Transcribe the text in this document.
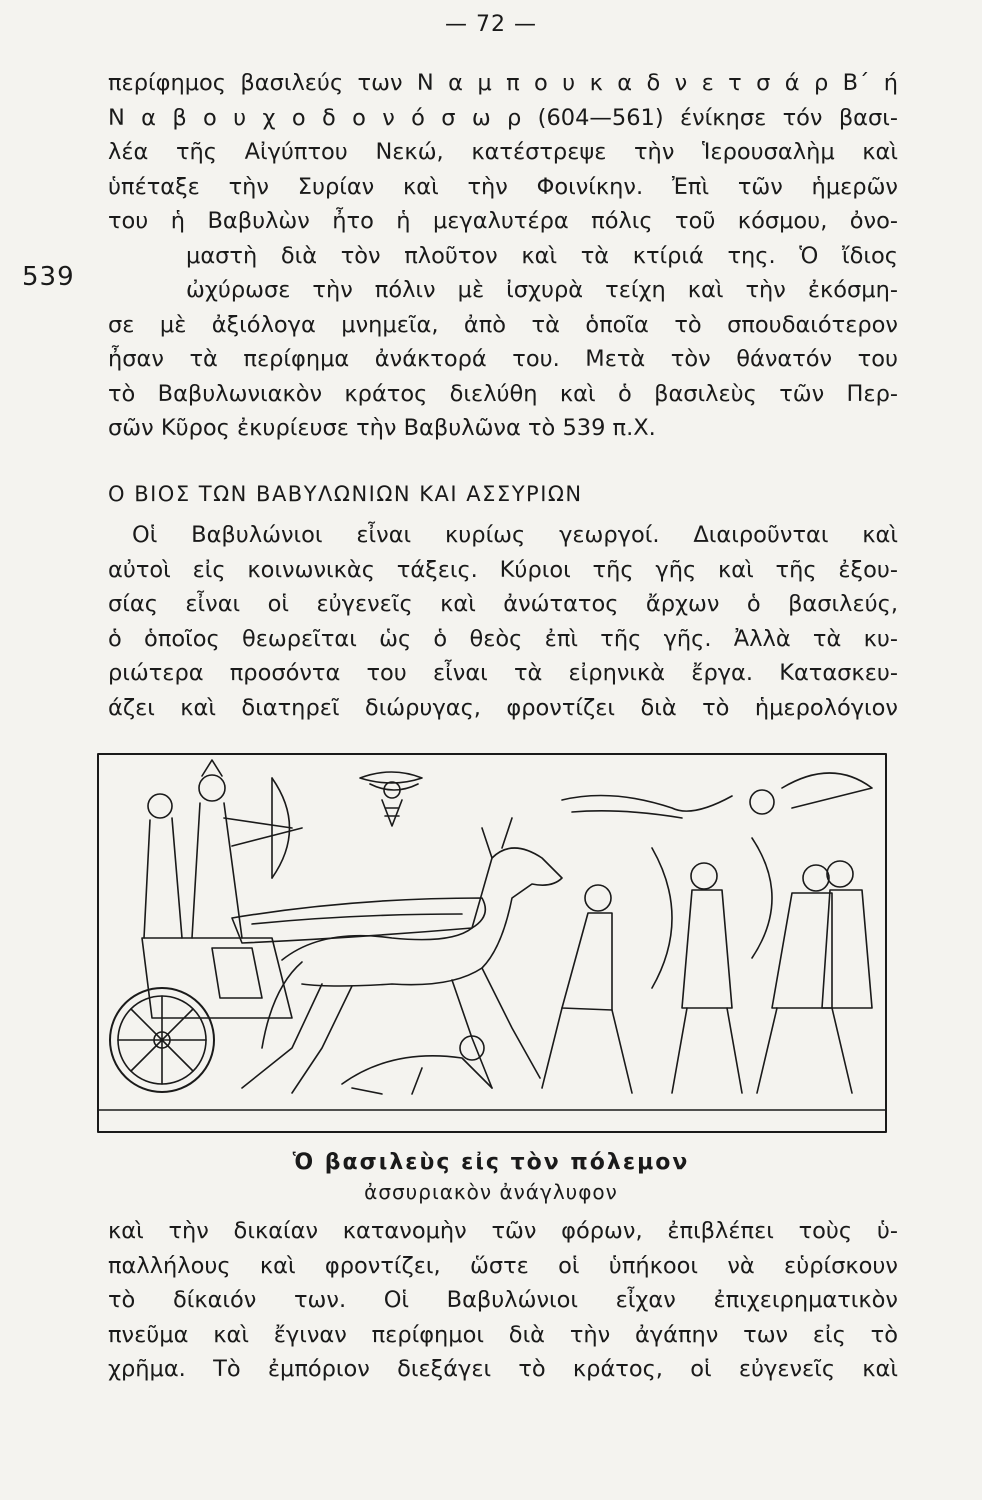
— 72 —
539
περίφημος βασιλεύς των Ν α μ π ο υ κ α δ ν ε τ σ ά ρ Β΄ ή
Ν α β ο υ χ ο δ ο ν ό σ ω ρ (604—561) ένίκησε τόν βασι-
λέα τῆς Αἰγύπτου Νεκώ, κατέστρεψε τὴν Ἱερουσαλὴμ καὶ
ὑπέταξε τὴν Συρίαν καὶ τὴν Φοινίκην. Ἐπὶ τῶν ἡμερῶν
του ἡ Βαβυλὼν ἦτο ἡ μεγαλυτέρα πόλις τοῦ κόσμου, ὀνο-
μαστὴ διὰ τὸν πλοῦτον καὶ τὰ κτίριά της. Ὁ ἴδιος
ὠχύρωσε τὴν πόλιν μὲ ἰσχυρὰ τείχη καὶ τὴν ἐκόσμη-
σε μὲ ἀξιόλογα μνημεῖα, ἀπὸ τὰ ὁποῖα τὸ σπουδαιότερον
ἦσαν τὰ περίφημα ἀνάκτορά του. Μετὰ τὸν θάνατόν του
τὸ Βαβυλωνιακὸν κράτος διελύθη καὶ ὁ βασιλεὺς τῶν Περ-
σῶν Κῦρος ἐκυρίευσε τὴν Βαβυλῶνα τὸ 539 π.Χ.
Ο ΒΙΟΣ ΤΩΝ ΒΑΒΥΛΩΝΙΩΝ ΚΑΙ ΑΣΣΥΡΙΩΝ
Οἱ Βαβυλώνιοι εἶναι κυρίως γεωργοί. Διαιροῦνται καὶ
αὐτοὶ εἰς κοινωνικὰς τάξεις. Κύριοι τῆς γῆς καὶ τῆς ἐξου-
σίας εἶναι οἱ εὐγενεῖς καὶ ἀνώτατος ἄρχων ὁ βασιλεύς,
ὁ ὁποῖος θεωρεῖται ὡς ὁ θεὸς ἐπὶ τῆς γῆς. Ἀλλὰ τὰ κυ-
ριώτερα προσόντα του εἶναι τὰ εἰρηνικὰ ἔργα. Κατασκευ-
άζει καὶ διατηρεῖ διώρυγας, φροντίζει διὰ τὸ ἡμερολόγιον
Ὁ βασιλεὺς εἰς τὸν πόλεμον
ἀσσυριακὸν ἀνάγλυφον
καὶ τὴν δικαίαν κατανομὴν τῶν φόρων, ἐπιβλέπει τοὺς ὑ-
παλλήλους καὶ φροντίζει, ὥστε οἱ ὑπήκοοι νὰ εὑρίσκουν
τὸ δίκαιόν των. Οἱ Βαβυλώνιοι εἶχαν ἐπιχειρηματικὸν
πνεῦμα καὶ ἔγιναν περίφημοι διὰ τὴν ἀγάπην των εἰς τὸ
χρῆμα. Τὸ ἐμπόριον διεξάγει τὸ κράτος, οἱ εὐγενεῖς καὶ
